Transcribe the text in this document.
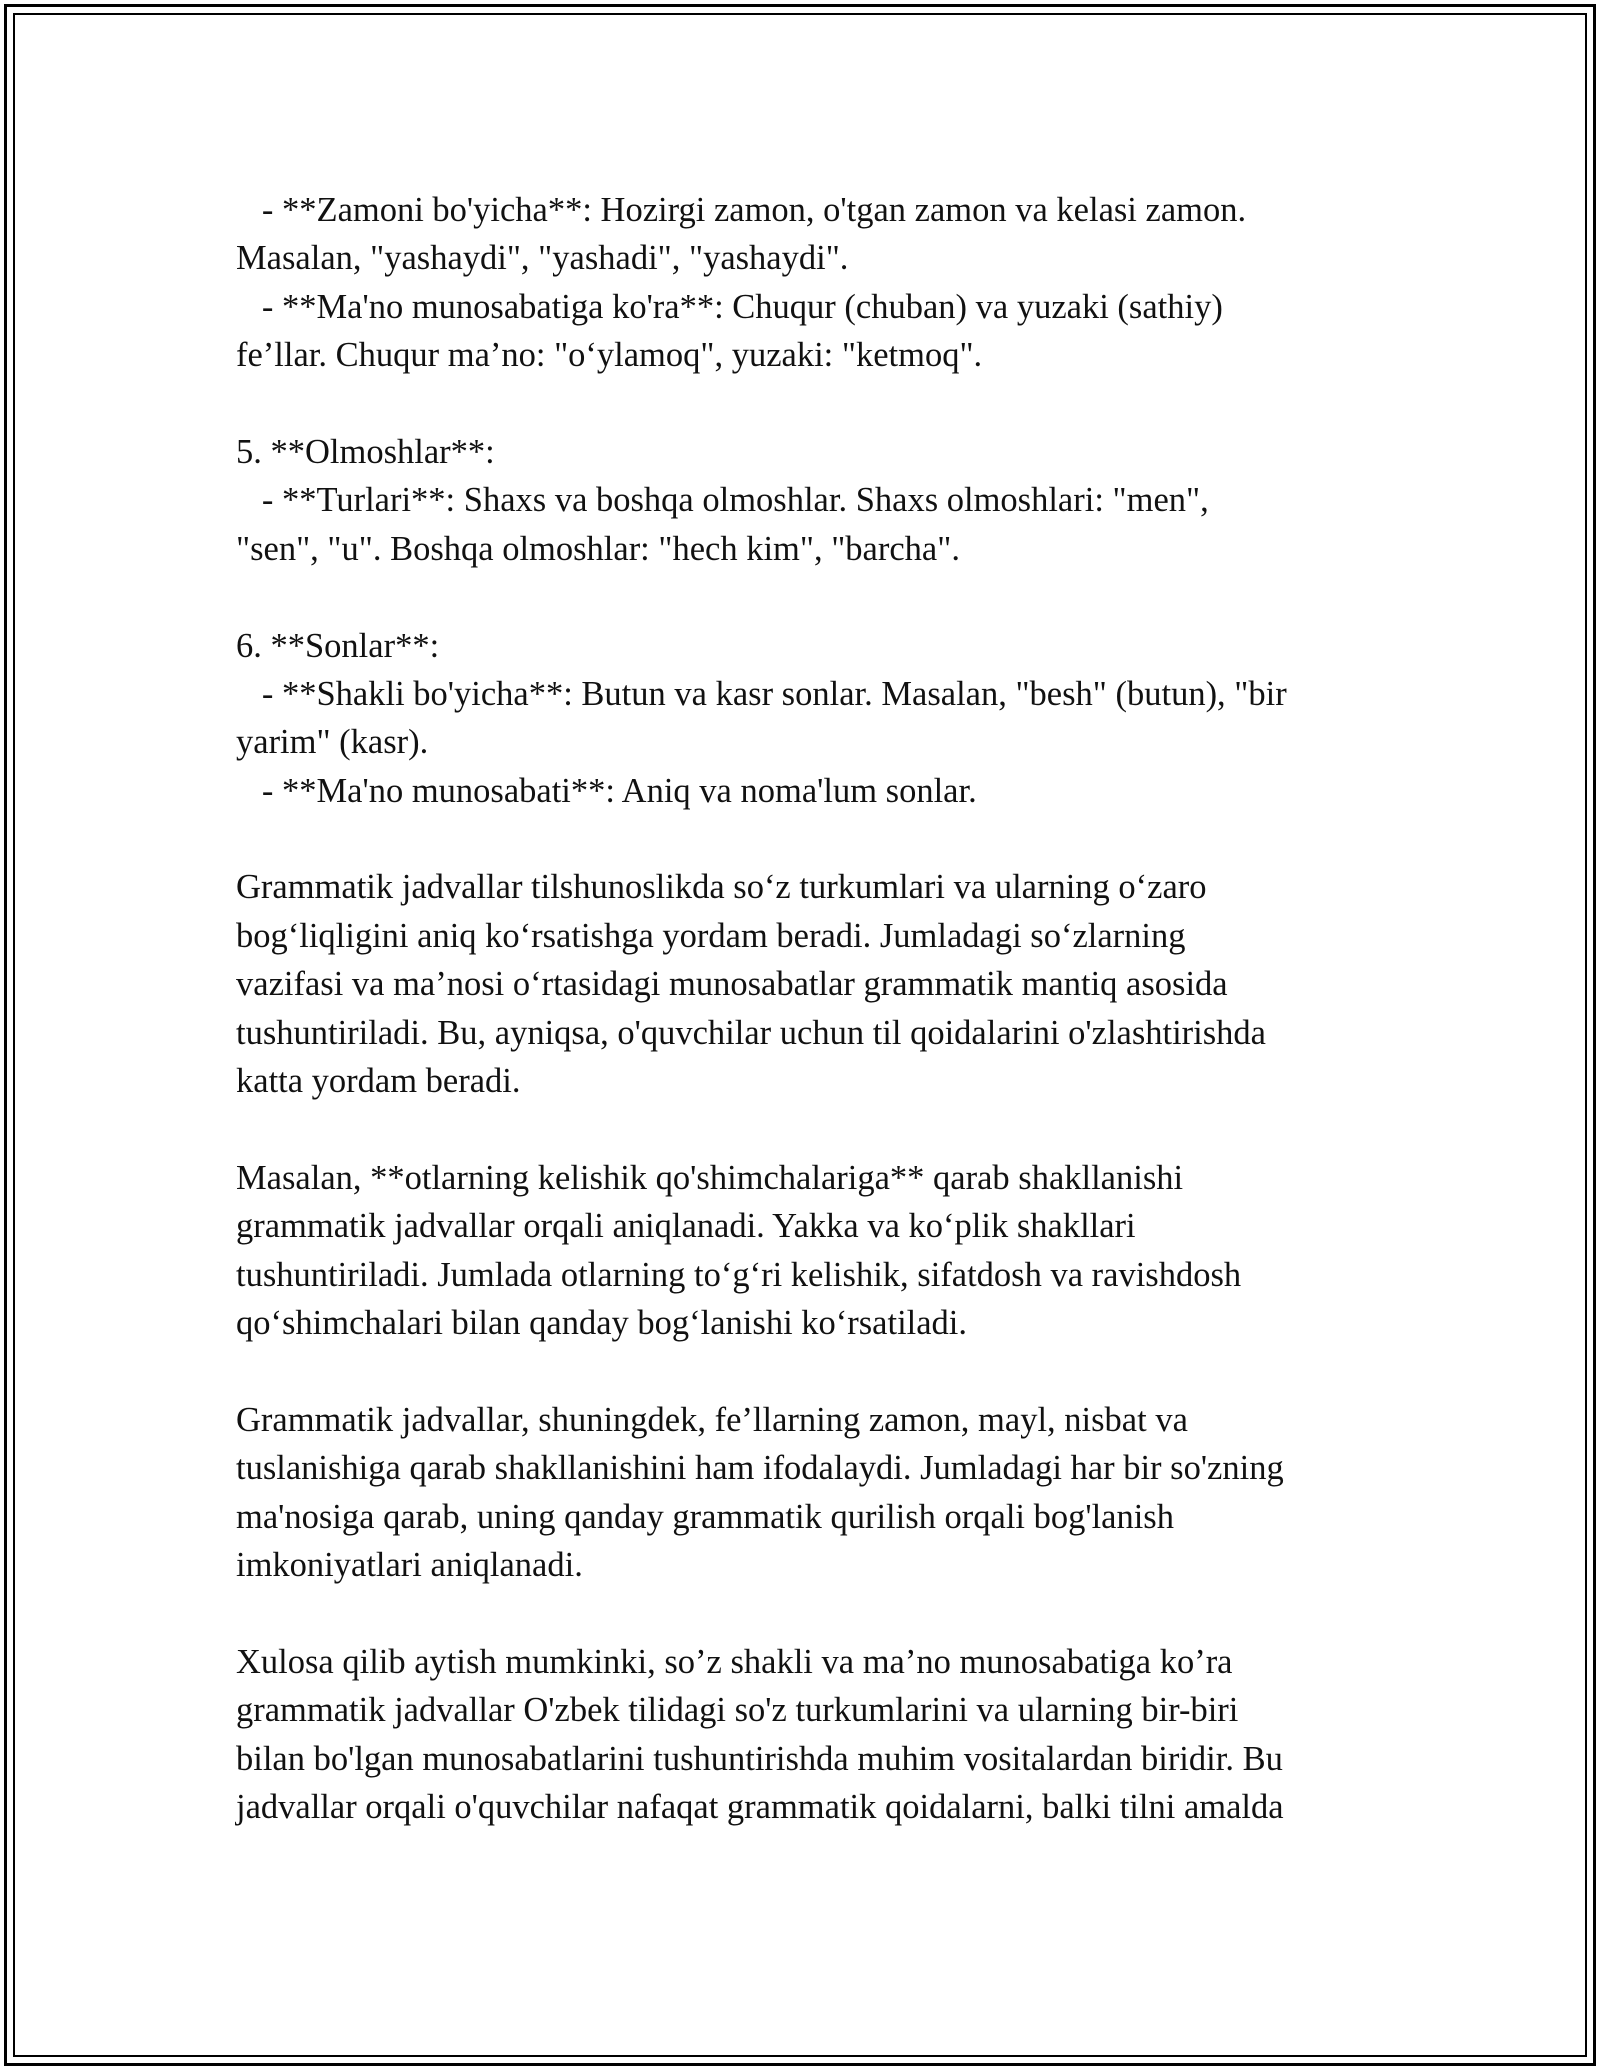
- **Zamoni bo'yicha**: Hozirgi zamon, o'tgan zamon va kelasi zamon.
Masalan, "yashaydi", "yashadi", "yashaydi".
- **Ma'no munosabatiga ko'ra**: Chuqur (chuban) va yuzaki (sathiy)
fe’llar. Chuqur ma’no: "o‘ylamoq", yuzaki: "ketmoq".
5. **Olmoshlar**:
- **Turlari**: Shaxs va boshqa olmoshlar. Shaxs olmoshlari: "men",
"sen", "u". Boshqa olmoshlar: "hech kim", "barcha".
6. **Sonlar**:
- **Shakli bo'yicha**: Butun va kasr sonlar. Masalan, "besh" (butun), "bir
yarim" (kasr).
- **Ma'no munosabati**: Aniq va noma'lum sonlar.
Grammatik jadvallar tilshunoslikda so‘z turkumlari va ularning o‘zaro
bog‘liqligini aniq ko‘rsatishga yordam beradi. Jumladagi so‘zlarning
vazifasi va ma’nosi o‘rtasidagi munosabatlar grammatik mantiq asosida
tushuntiriladi. Bu, ayniqsa, o'quvchilar uchun til qoidalarini o'zlashtirishda
katta yordam beradi.
Masalan, **otlarning kelishik qo'shimchalariga** qarab shakllanishi
grammatik jadvallar orqali aniqlanadi. Yakka va ko‘plik shakllari
tushuntiriladi. Jumlada otlarning to‘g‘ri kelishik, sifatdosh va ravishdosh
qo‘shimchalari bilan qanday bog‘lanishi ko‘rsatiladi.
Grammatik jadvallar, shuningdek, fe’llarning zamon, mayl, nisbat va
tuslanishiga qarab shakllanishini ham ifodalaydi. Jumladagi har bir so'zning
ma'nosiga qarab, uning qanday grammatik qurilish orqali bog'lanish
imkoniyatlari aniqlanadi.
Xulosa qilib aytish mumkinki, so’z shakli va ma’no munosabatiga ko’ra
grammatik jadvallar O'zbek tilidagi so'z turkumlarini va ularning bir-biri
bilan bo'lgan munosabatlarini tushuntirishda muhim vositalardan biridir. Bu
jadvallar orqali o'quvchilar nafaqat grammatik qoidalarni, balki tilni amalda
